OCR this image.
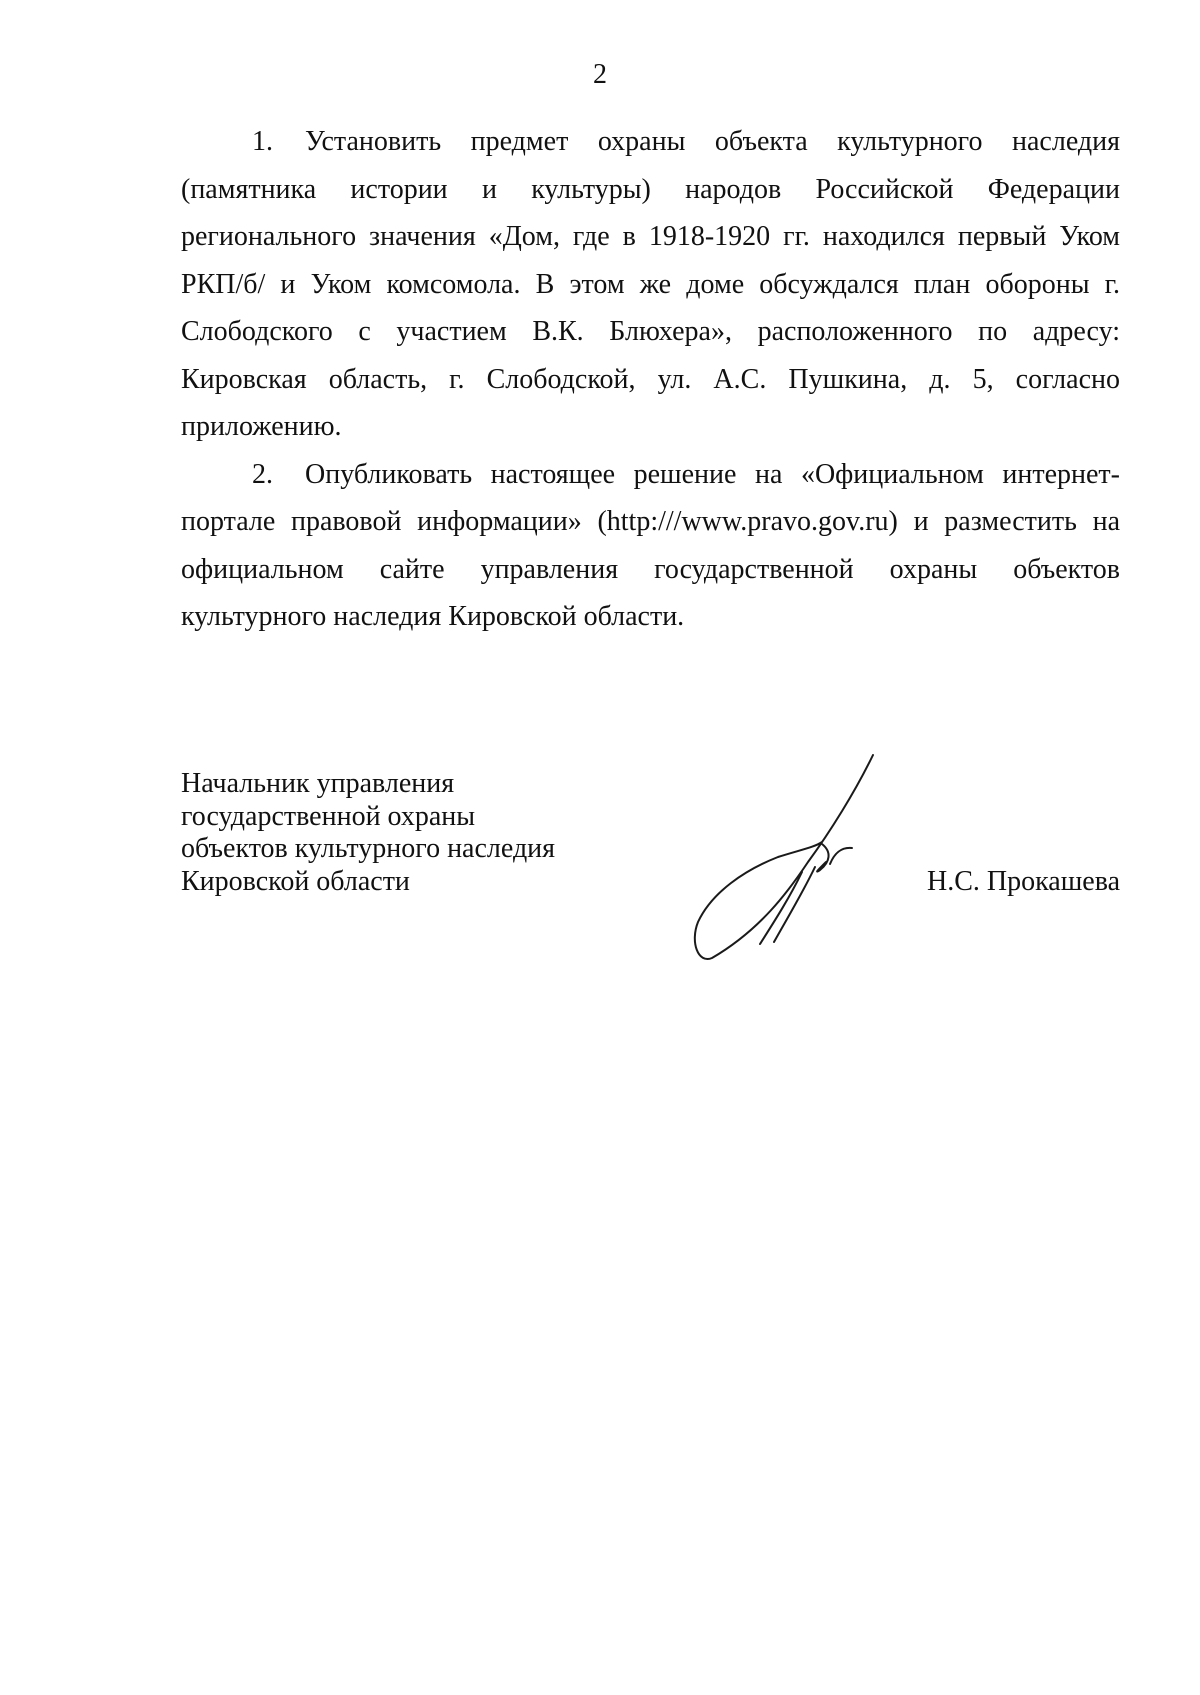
2

1. Установить предмет охраны объекта культурного наследия (памятника истории и культуры) народов Российской Федерации регионального значения «Дом, где в 1918-1920 гг. находился первый Уком РКП/б/ и Уком комсомола. В этом же доме обсуждался план обороны г. Слободского с участием В.К. Блюхера», расположенного по адресу: Кировская область, г. Слободской, ул. А.С. Пушкина, д. 5, согласно приложению.

2. Опубликовать настоящее решение на «Официальном интернет-портале правовой информации» (http:///www.pravo.gov.ru) и разместить на официальном сайте управления государственной охраны объектов культурного наследия Кировской области.

Начальник управления
государственной охраны
объектов культурного наследия
Кировской области	Н.С. Прокашева
